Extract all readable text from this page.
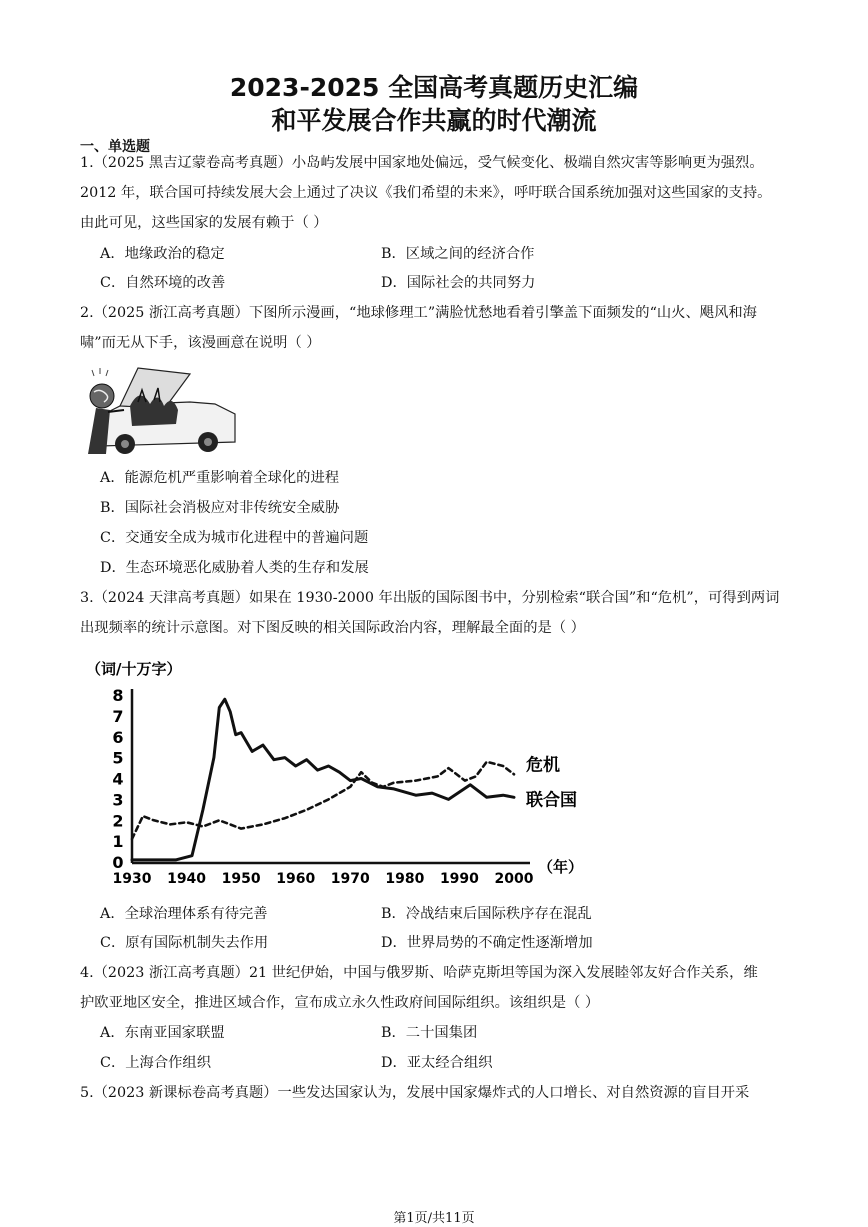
2023-2025 全国高考真题历史汇编
和平发展合作共赢的时代潮流
一、单选题
1.（2025 黑吉辽蒙卷高考真题）小岛屿发展中国家地处偏远，受气候变化、极端自然灾害等影响更为强烈。
2012 年，联合国可持续发展大会上通过了决议《我们希望的未来》，呼吁联合国系统加强对这些国家的支持。
由此可见，这些国家的发展有赖于（ ）
A．地缘政治的稳定	B．区域之间的经济合作
C．自然环境的改善	D．国际社会的共同努力
2.（2025 浙江高考真题）下图所示漫画，“地球修理工”满脸忧愁地看着引擎盖下面频发的“山火、飓风和海
啸”而无从下手，该漫画意在说明（ ）
A．能源危机严重影响着全球化的进程
B．国际社会消极应对非传统安全威胁
C．交通安全成为城市化进程中的普遍问题
D．生态环境恶化威胁着人类的生存和发展
3.（2024 天津高考真题）如果在 1930-2000 年出版的国际图书中，分别检索“联合国”和“危机”，可得到两词
出现频率的统计示意图。对下图反映的相关国际政治内容，理解最全面的是（ ）
0
1
2
3
4
5
6
7
8
1930 1940 1950 1960 1970 1980 1990 2000
危机
联合国
（词/十万字）
（年）
A．全球治理体系有待完善	B．冷战结束后国际秩序存在混乱
C．原有国际机制失去作用	D．世界局势的不确定性逐渐增加
4.（2023 浙江高考真题）21 世纪伊始，中国与俄罗斯、哈萨克斯坦等国为深入发展睦邻友好合作关系，维
护欧亚地区安全，推进区域合作，宣布成立永久性政府间国际组织。该组织是（ ）
A．东南亚国家联盟	B．二十国集团
C．上海合作组织	D．亚太经合组织
5.（2023 新课标卷高考真题）一些发达国家认为，发展中国家爆炸式的人口增长、对自然资源的盲目开采
第1页/共11页
